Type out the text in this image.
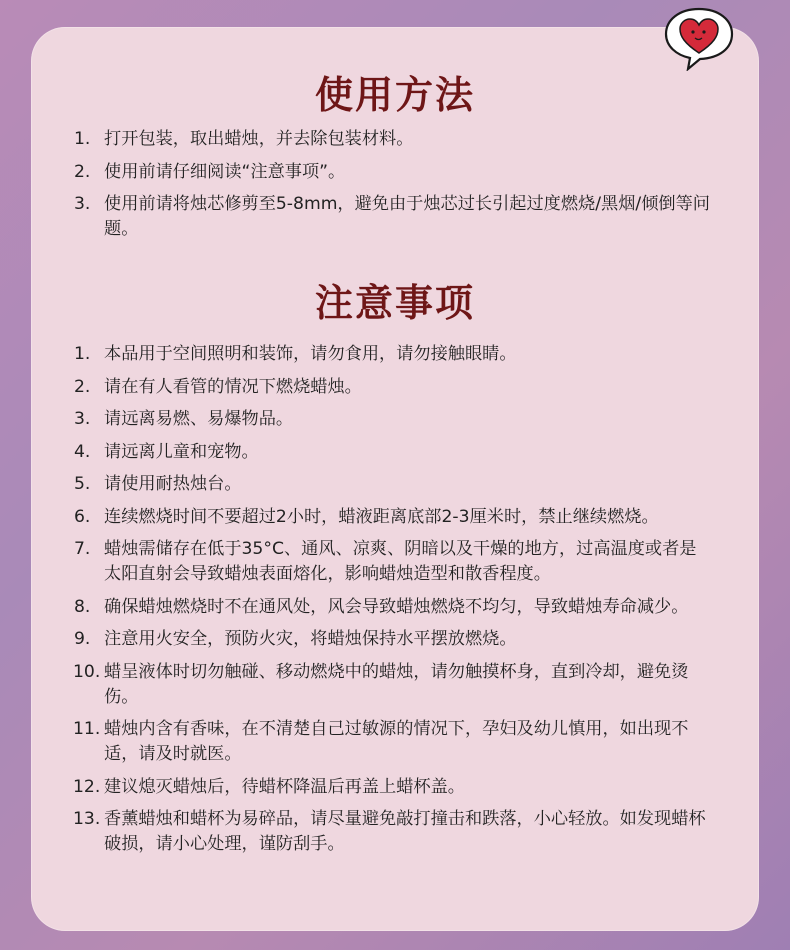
使用方法
1. 打开包装，取出蜡烛，并去除包装材料。
2. 使用前请仔细阅读“注意事项”。
3. 使用前请将烛芯修剪至5-8mm，避免由于烛芯过长引起过度燃烧/黑烟/倾倒等问题。
注意事项
1. 本品用于空间照明和装饰，请勿食用，请勿接触眼睛。
2. 请在有人看管的情况下燃烧蜡烛。
3. 请远离易燃、易爆物品。
4. 请远离儿童和宠物。
5. 请使用耐热烛台。
6. 连续燃烧时间不要超过2小时，蜡液距离底部2-3厘米时，禁止继续燃烧。
7. 蜡烛需储存在低于35°C、通风、凉爽、阴暗以及干燥的地方，过高温度或者是太阳直射会导致蜡烛表面熔化，影响蜡烛造型和散香程度。
8. 确保蜡烛燃烧时不在通风处，风会导致蜡烛燃烧不均匀，导致蜡烛寿命减少。
9. 注意用火安全，预防火灾，将蜡烛保持水平摆放燃烧。
10. 蜡呈液体时切勿触碰、移动燃烧中的蜡烛，请勿触摸杯身，直到冷却，避免烫伤。
11. 蜡烛内含有香味，在不清楚自己过敏源的情况下，孕妇及幼儿慎用，如出现不适，请及时就医。
12. 建议熄灭蜡烛后，待蜡杯降温后再盖上蜡杯盖。
13. 香薰蜡烛和蜡杯为易碎品，请尽量避免敲打撞击和跌落，小心轻放。如发现蜡杯破损，请小心处理，谨防刮手。
